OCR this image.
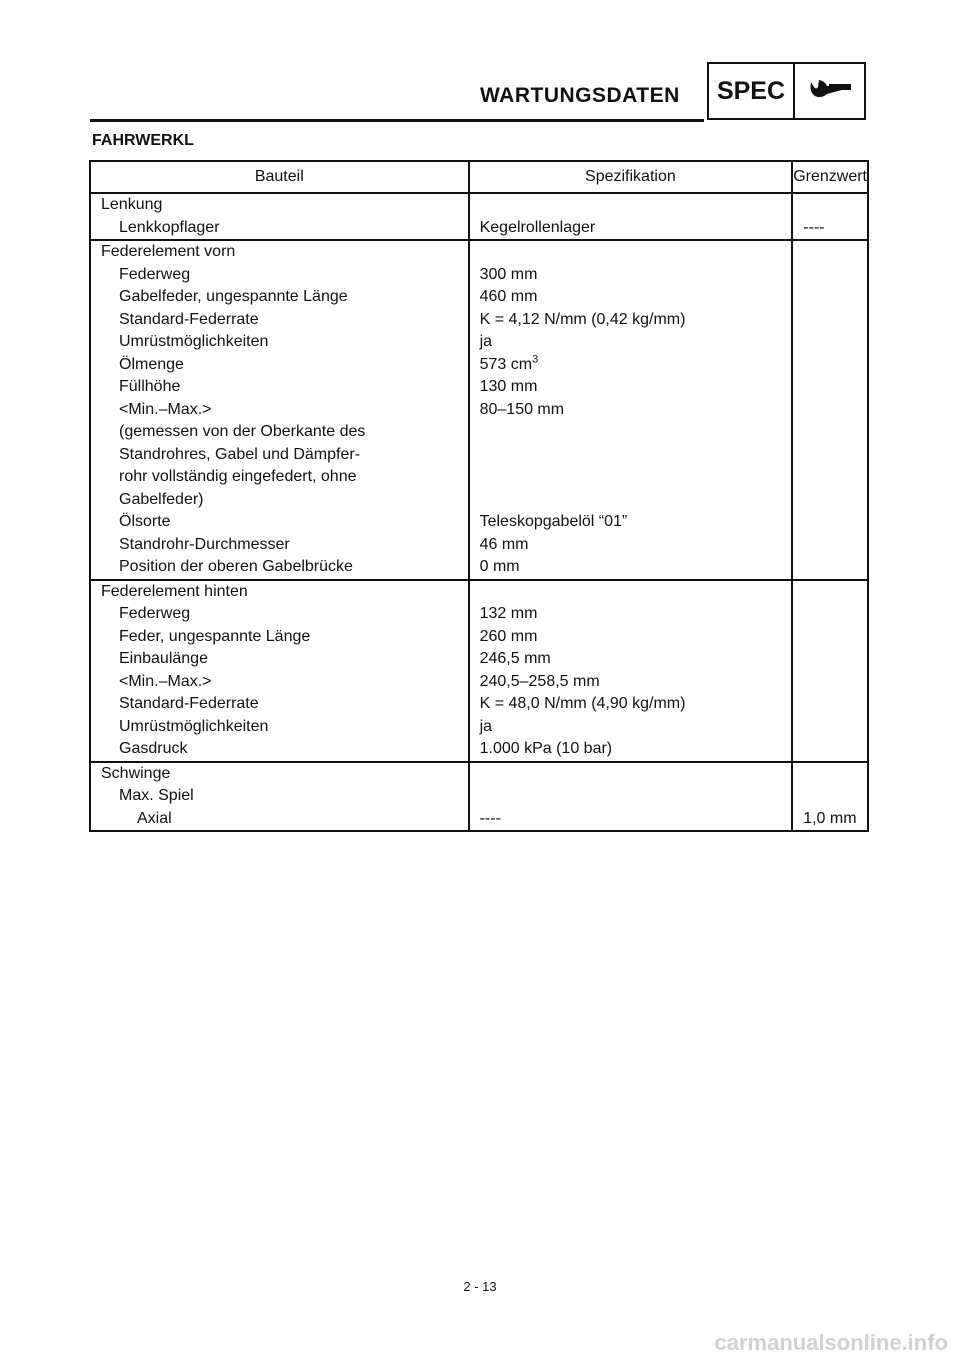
WARTUNGSDATEN	SPEC
FAHRWERKL
Bauteil	Spezifikation	Grenzwert
Lenkung		
Lenkkopflager	Kegelrollenlager	----
Federelement vorn		
Federweg	300 mm	
Gabelfeder, ungespannte Länge	460 mm	
Standard-Federrate	K = 4,12 N/mm (0,42 kg/mm)	
Umrüstmöglichkeiten	ja	
Ölmenge	573 $cm^3$	
Füllhöhe	130 mm	
<Min.–Max.>	80–150 mm	
(gemessen von der Oberkante des		
Standrohres, Gabel und Dämpfer-		
rohr vollständig eingefedert, ohne		
Gabelfeder)		
Ölsorte	Teleskopgabelöl “01”	
Standrohr-Durchmesser	46 mm	
Position der oberen Gabelbrücke	0 mm	
Federelement hinten		
Federweg	132 mm	
Feder, ungespannte Länge	260 mm	
Einbaulänge	246,5 mm	
<Min.–Max.>	240,5–258,5 mm	
Standard-Federrate	K = 48,0 N/mm (4,90 kg/mm)	
Umrüstmöglichkeiten	ja	
Gasdruck	1.000 kPa (10 bar)	
Schwinge		
Max. Spiel		
Axial	----	1,0 mm
2 - 13
carmanualsonline.info
